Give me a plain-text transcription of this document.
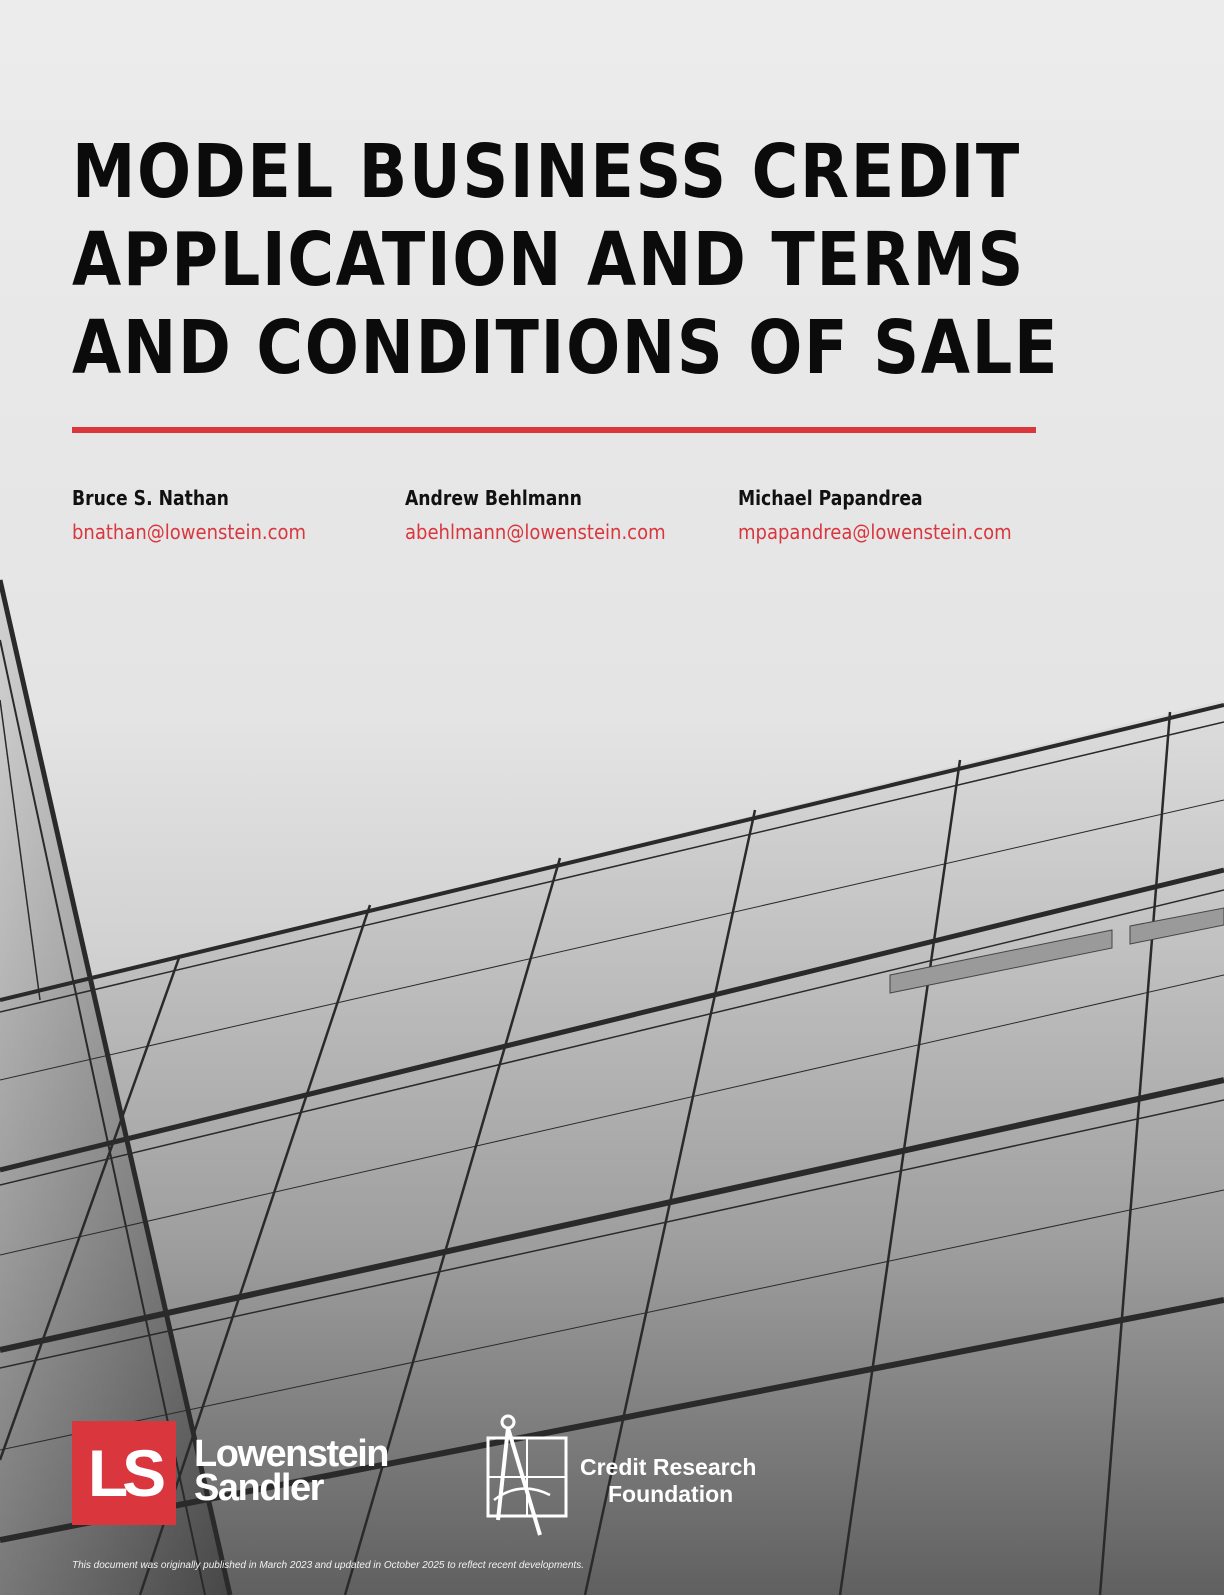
MODEL BUSINESS CREDIT
APPLICATION AND TERMS
AND CONDITIONS OF SALE
Bruce S. Nathan
bnathan@lowenstein.com
Andrew Behlmann
abehlmann@lowenstein.com
Michael Papandrea
mpapandrea@lowenstein.com
LS Lowenstein
Sandler	Credit Research
Foundation
This document was originally published in March 2023 and updated in October 2025 to reflect recent developments.
